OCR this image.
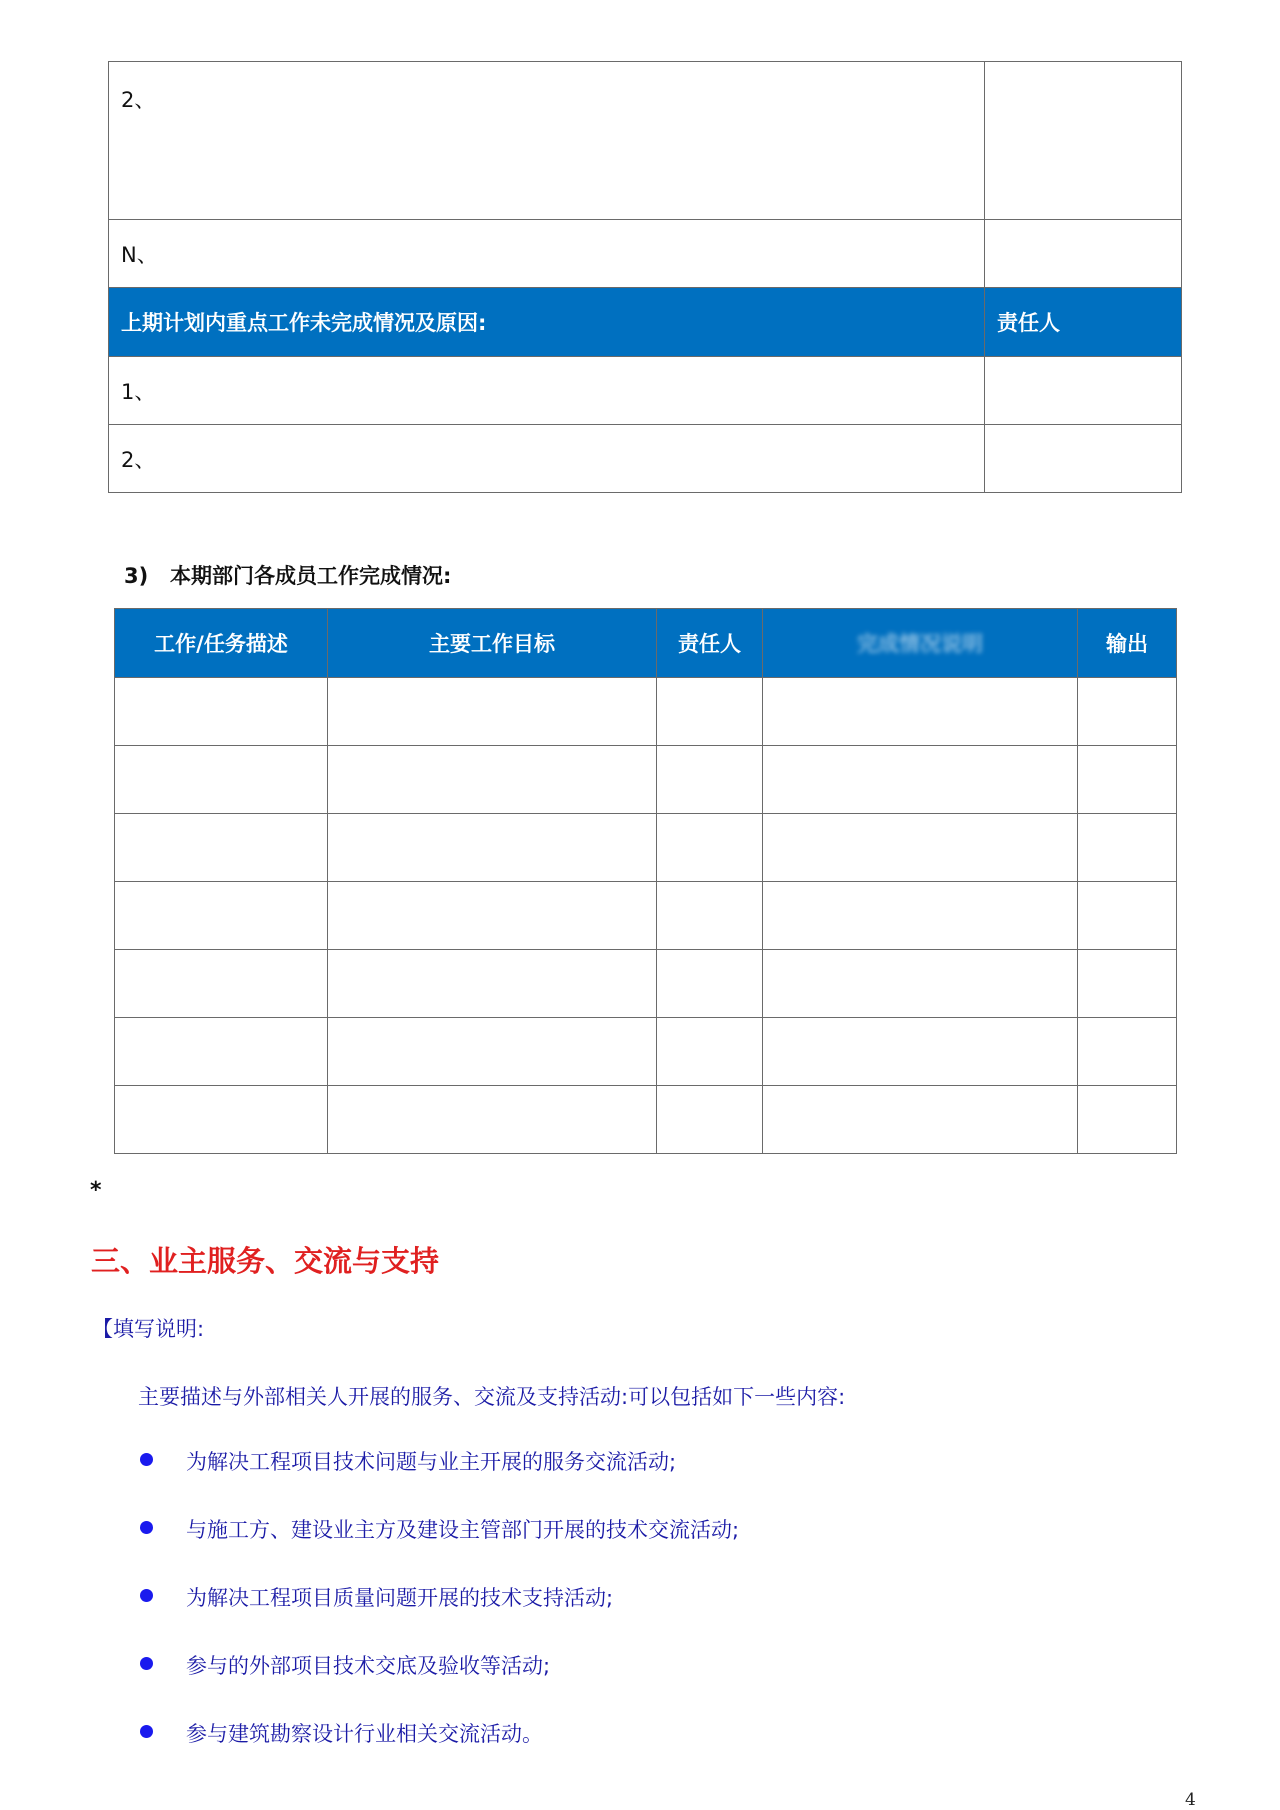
2、	
N、	
上期计划内重点工作未完成情况及原因:	责任人
1、	
2、	
3) 本期部门各成员工作完成情况:
工作/任务描述	主要工作目标	责任人	完成情况说明	输出

*
三、业主服务、交流与支持
【填写说明:
主要描述与外部相关人开展的服务、交流及支持活动:可以包括如下一些内容:
为解决工程项目技术问题与业主开展的服务交流活动;
与施工方、建设业主方及建设主管部门开展的技术交流活动;
为解决工程项目质量问题开展的技术支持活动;
参与的外部项目技术交底及验收等活动;
参与建筑勘察设计行业相关交流活动。
4
